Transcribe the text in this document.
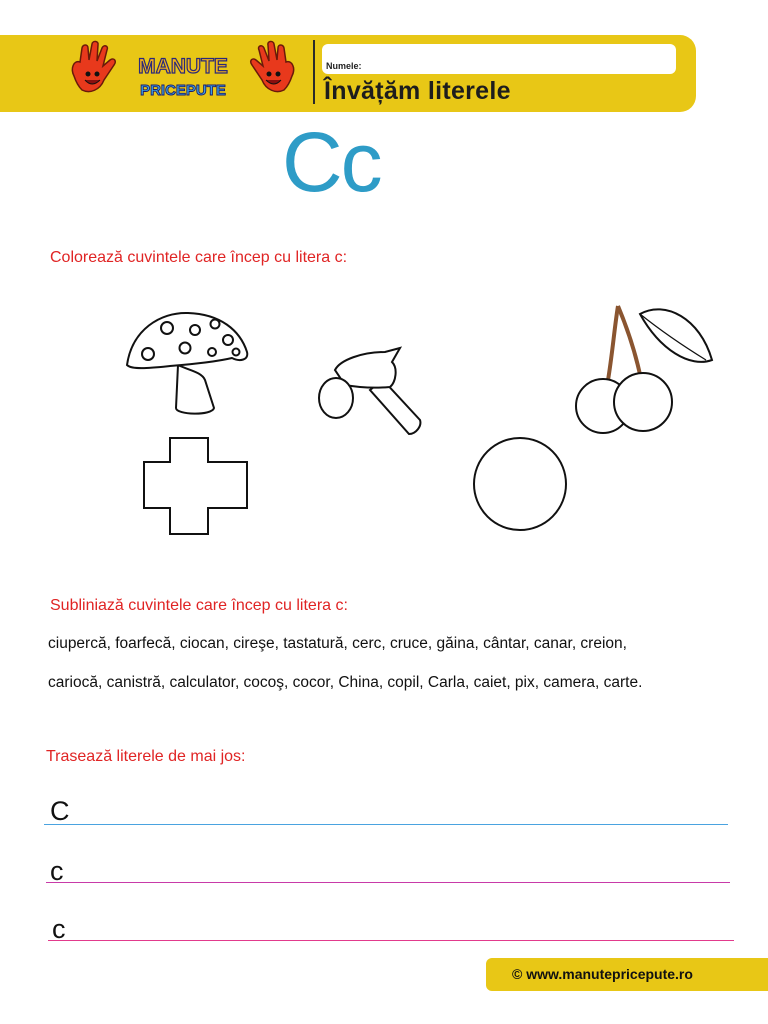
MANUTE
PRICEPUTE
Numele:
Învățăm literele
Cc
Colorează cuvintele care încep cu litera c:
Subliniază cuvintele care încep cu litera c:
ciupercă, foarfecă, ciocan, cireşe, tastatură, cerc, cruce, găina, cântar, canar, creion,
cariocă, canistră, calculator, cocoş, cocor, China, copil, Carla, caiet, pix, camera, carte.
Trasează literele de mai jos:
C
c
c
© www.manutepricepute.ro
